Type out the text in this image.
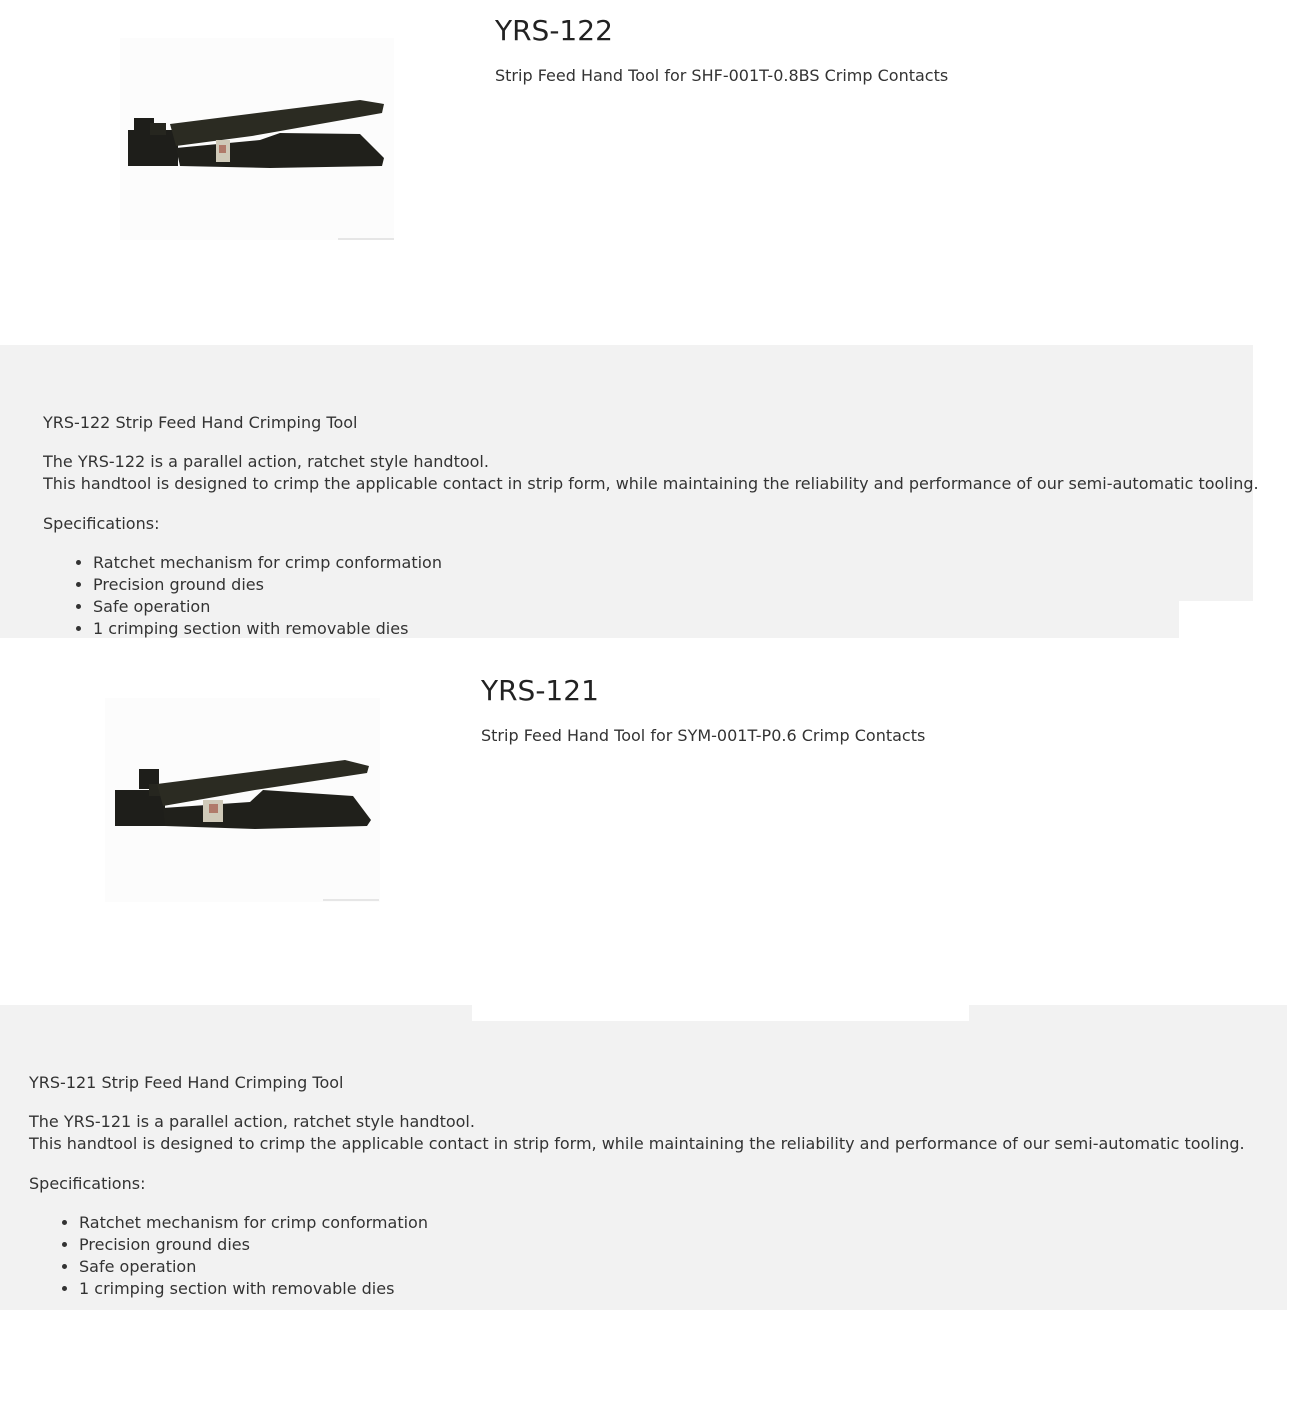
YRS-122

Strip Feed Hand Tool for SHF-001T-0.8BS Crimp Contacts

YRS-122 Strip Feed Hand Crimping Tool

The YRS-122 is a parallel action, ratchet style handtool.

This handtool is designed to crimp the applicable contact in strip form, while maintaining the reliability and performance of our semi-automatic tooling.

Specifications:

• Ratchet mechanism for crimp conformation
• Precision ground dies
• Safe operation
• 1 crimping section with removable dies
YRS-121

Strip Feed Hand Tool for SYM-001T-P0.6 Crimp Contacts

YRS-121 Strip Feed Hand Crimping Tool

The YRS-121 is a parallel action, ratchet style handtool.

This handtool is designed to crimp the applicable contact in strip form, while maintaining the reliability and performance of our semi-automatic tooling.

Specifications:

• Ratchet mechanism for crimp conformation
• Precision ground dies
• Safe operation
• 1 crimping section with removable dies
